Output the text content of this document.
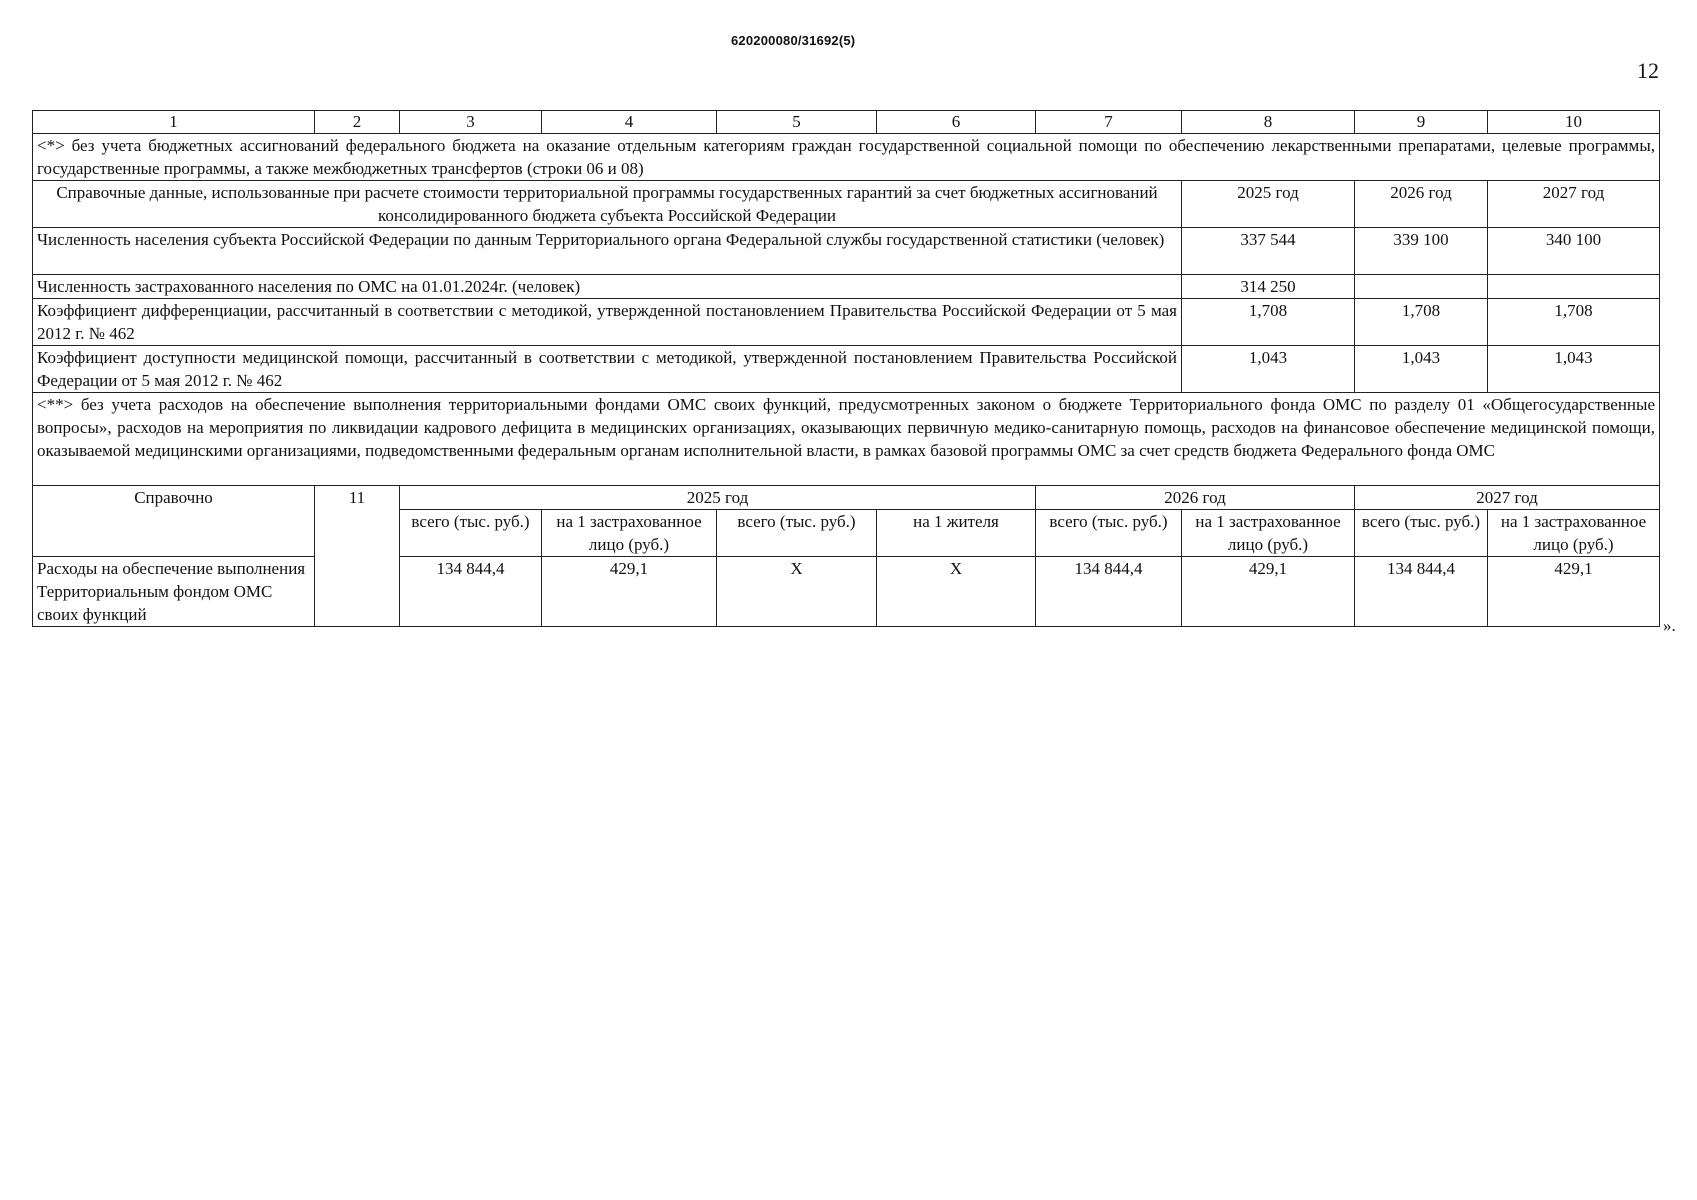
620200080/31692(5)
12
1	2	3	4	5	6	7	8	9	10
<*> без учета бюджетных ассигнований федерального бюджета на оказание отдельным категориям граждан государственной социальной помощи по обеспечению лекарственными препаратами, целевые программы, государственные программы, а также межбюджетных трансфертов (строки 06 и 08)									
Справочные данные, использованные при расчете стоимости территориальной программы государственных гарантий за счет бюджетных ассигнований консолидированного бюджета субъекта Российской Федерации							2025 год	2026 год	2027 год
Численность населения субъекта Российской Федерации по данным Территориального органа Федеральной службы государственной статистики (человек)							337 544	339 100	340 100
Численность застрахованного населения по ОМС на 01.01.2024г. (человек)							314 250		
Коэффициент дифференциации, рассчитанный в соответствии с методикой, утвержденной постановлением Правительства Российской Федерации от 5 мая 2012 г. № 462							1,708	1,708	1,708
Коэффициент доступности медицинской помощи, рассчитанный в соответствии с методикой, утвержденной постановлением Правительства Российской Федерации от 5 мая 2012 г. № 462							1,043	1,043	1,043
<**> без учета расходов на обеспечение выполнения территориальными фондами ОМС своих функций, предусмотренных законом о бюджете Территориального фонда ОМС по разделу 01 «Общегосударственные вопросы», расходов на мероприятия по ликвидации кадрового дефицита в медицинских организациях, оказывающих первичную медико-санитарную помощь, расходов на финансовое обеспечение медицинской помощи, оказываемой медицинскими организациями, подведомственными федеральным органам исполнительной власти, в рамках базовой программы ОМС за счет средств бюджета Федерального фонда ОМС									
Справочно	11	2025 год				2026 год		2027 год	
		всего (тыс. руб.)	на 1 застрахованное лицо (руб.)	всего (тыс. руб.)	на 1 жителя	всего (тыс. руб.)	на 1 застрахованное лицо (руб.)	всего (тыс. руб.)	на 1 застрахованное лицо (руб.)
Расходы на обеспечение выполнения Территориальным фондом ОМС своих функций		134 844,4	429,1	Х	Х	134 844,4	429,1	134 844,4	429,1
».
